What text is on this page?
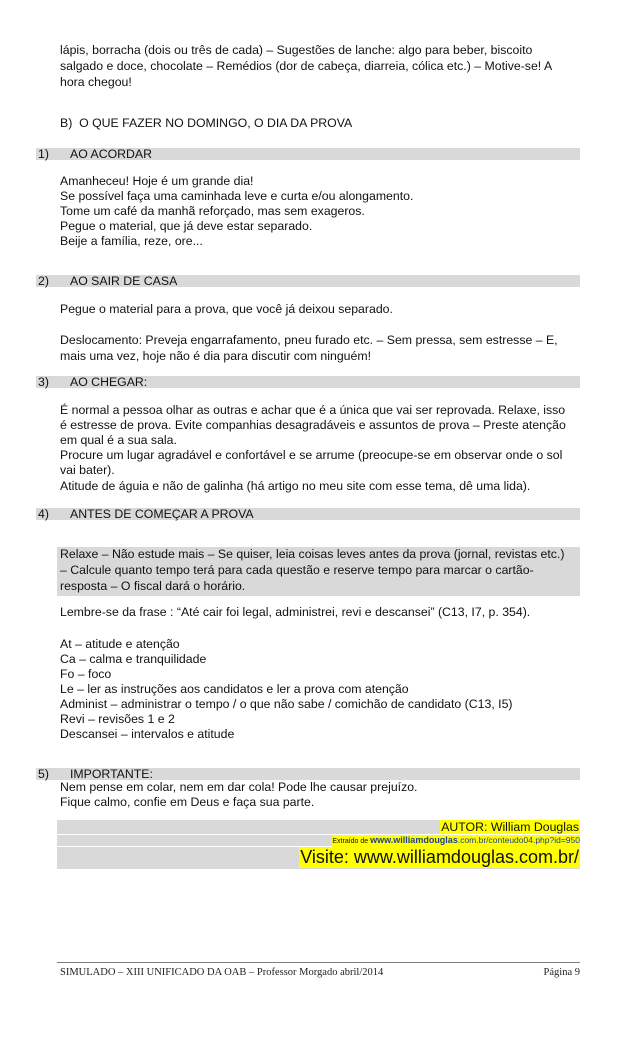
lápis, borracha (dois ou três de cada) – Sugestões de lanche: algo para beber, biscoito
salgado e doce, chocolate – Remédios (dor de cabeça, diarreia, cólica etc.) – Motive-se! A
hora chegou!
B)  O QUE FAZER NO DOMINGO, O DIA DA PROVA
1) AO ACORDAR
Amanheceu! Hoje é um grande dia!
Se possível faça uma caminhada leve e curta e/ou alongamento.
Tome um café da manhã reforçado, mas sem exageros.
Pegue o material, que já deve estar separado.
Beije a família, reze, ore...
2) AO SAIR DE CASA
Pegue o material para a prova, que você já deixou separado.
Deslocamento: Preveja engarrafamento, pneu furado etc. – Sem pressa, sem estresse – E,
mais uma vez, hoje não é dia para discutir com ninguém!
3) AO CHEGAR:
É normal a pessoa olhar as outras e achar que é a única que vai ser reprovada. Relaxe, isso
é estresse de prova. Evite companhias desagradáveis e assuntos de prova – Preste atenção
em qual é a sua sala.
Procure um lugar agradável e confortável e se arrume (preocupe-se em observar onde o sol
vai bater).
Atitude de águia e não de galinha (há artigo no meu site com esse tema, dê uma lida).
4) ANTES DE COMEÇAR A PROVA
Relaxe – Não estude mais – Se quiser, leia coisas leves antes da prova (jornal, revistas etc.)
– Calcule quanto tempo terá para cada questão e reserve tempo para marcar o cartão-
resposta – O fiscal dará o horário.
Lembre-se da frase : “Até cair foi legal, administrei, revi e descansei” (C13, I7, p. 354).
At – atitude e atenção
Ca – calma e tranquilidade
Fo – foco
Le – ler as instruções aos candidatos e ler a prova com atenção
Administ – administrar o tempo / o que não sabe / comichão de candidato (C13, I5)
Revi – revisões 1 e 2
Descansei – intervalos e atitude
5) IMPORTANTE:
Nem pense em colar, nem em dar cola! Pode lhe causar prejuízo.
Fique calmo, confie em Deus e faça sua parte.
AUTOR: William Douglas
Extraído de www.williamdouglas.com.br/conteudo04.php?id=950
Visite: www.williamdouglas.com.br/
SIMULADO – XIII UNIFICADO DA OAB – Professor Morgado abril/2014	Página 9
